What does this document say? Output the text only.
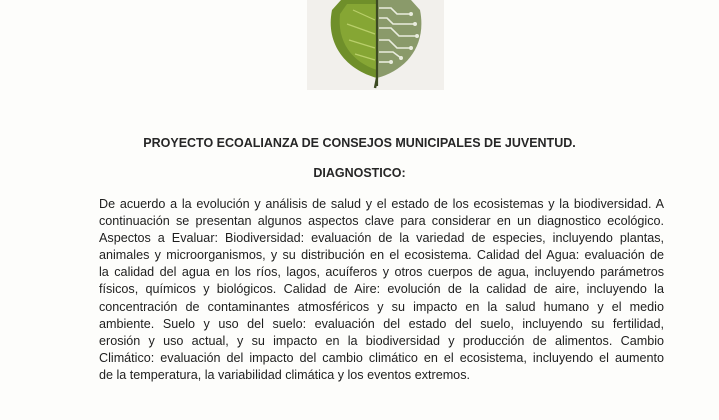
PROYECTO ECOALIANZA DE CONSEJOS MUNICIPALES DE JUVENTUD.
DIAGNOSTICO:
De acuerdo a la evolución y análisis de salud y el estado de los ecosistemas y la biodiversidad. A
continuación se presentan algunos aspectos clave para considerar en un diagnostico ecológico.
Aspectos a Evaluar: Biodiversidad: evaluación de la variedad de especies, incluyendo plantas,
animales y microorganismos, y su distribución en el ecosistema. Calidad del Agua: evaluación de
la calidad del agua en los ríos, lagos, acuíferos y otros cuerpos de agua, incluyendo parámetros
físicos, químicos y biológicos. Calidad de Aire: evolución de la calidad de aire, incluyendo la
concentración de contaminantes atmosféricos y su impacto en la salud humano y el medio
ambiente. Suelo y uso del suelo: evaluación del estado del suelo, incluyendo su fertilidad,
erosión y uso actual, y su impacto en la biodiversidad y producción de alimentos. Cambio
Climático: evaluación del impacto del cambio climático en el ecosistema, incluyendo el aumento
de la temperatura, la variabilidad climática y los eventos extremos.
